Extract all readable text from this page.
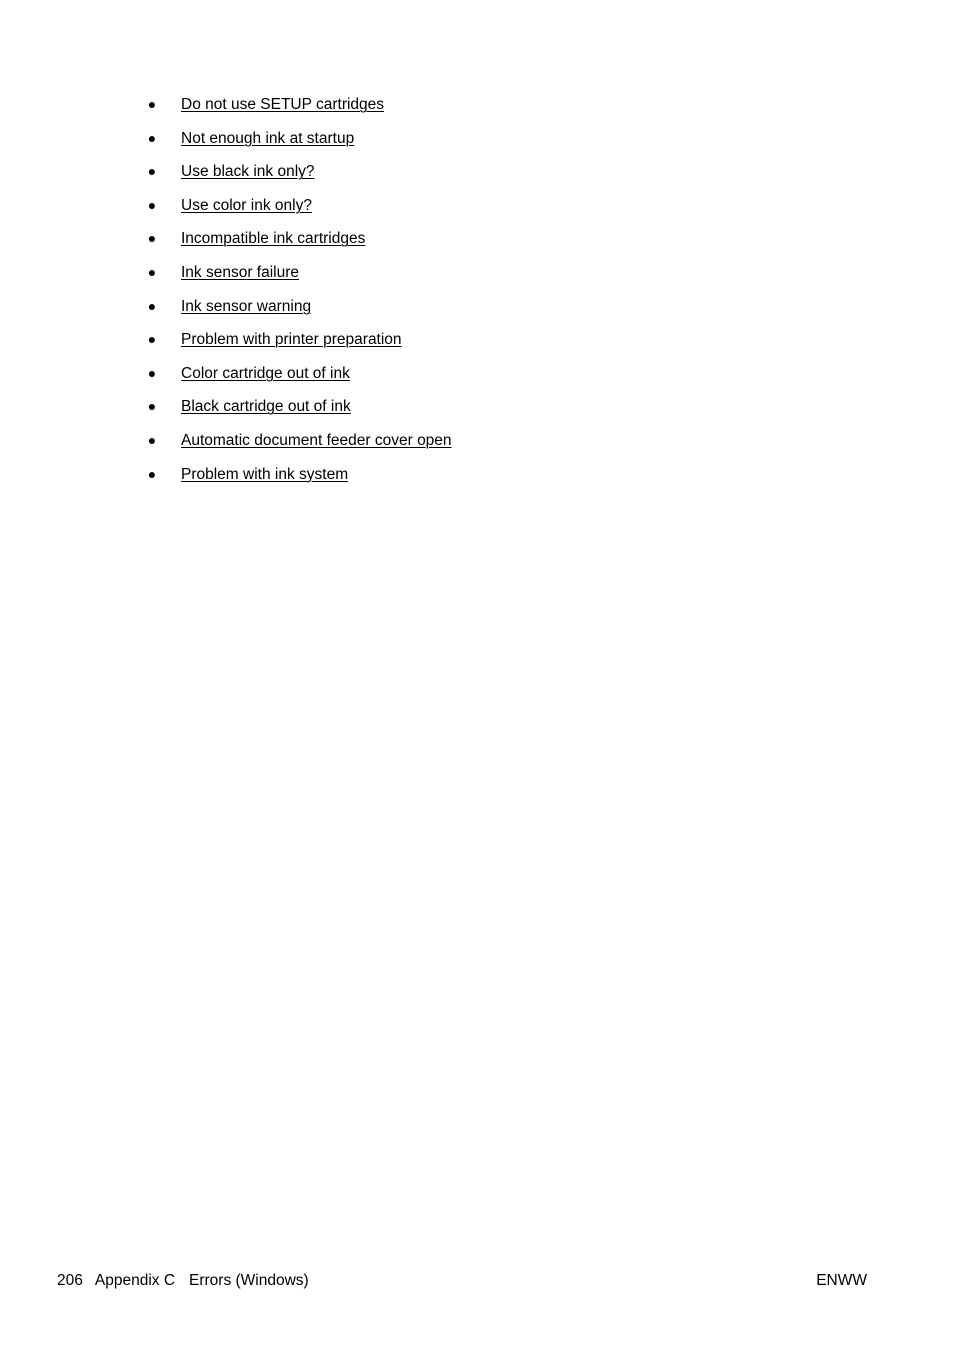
● Do not use SETUP cartridges
● Not enough ink at startup
● Use black ink only?
● Use color ink only?
● Incompatible ink cartridges
● Ink sensor failure
● Ink sensor warning
● Problem with printer preparation
● Color cartridge out of ink
● Black cartridge out of ink
● Automatic document feeder cover open
● Problem with ink system
206 Appendix C Errors (Windows)	ENWW
